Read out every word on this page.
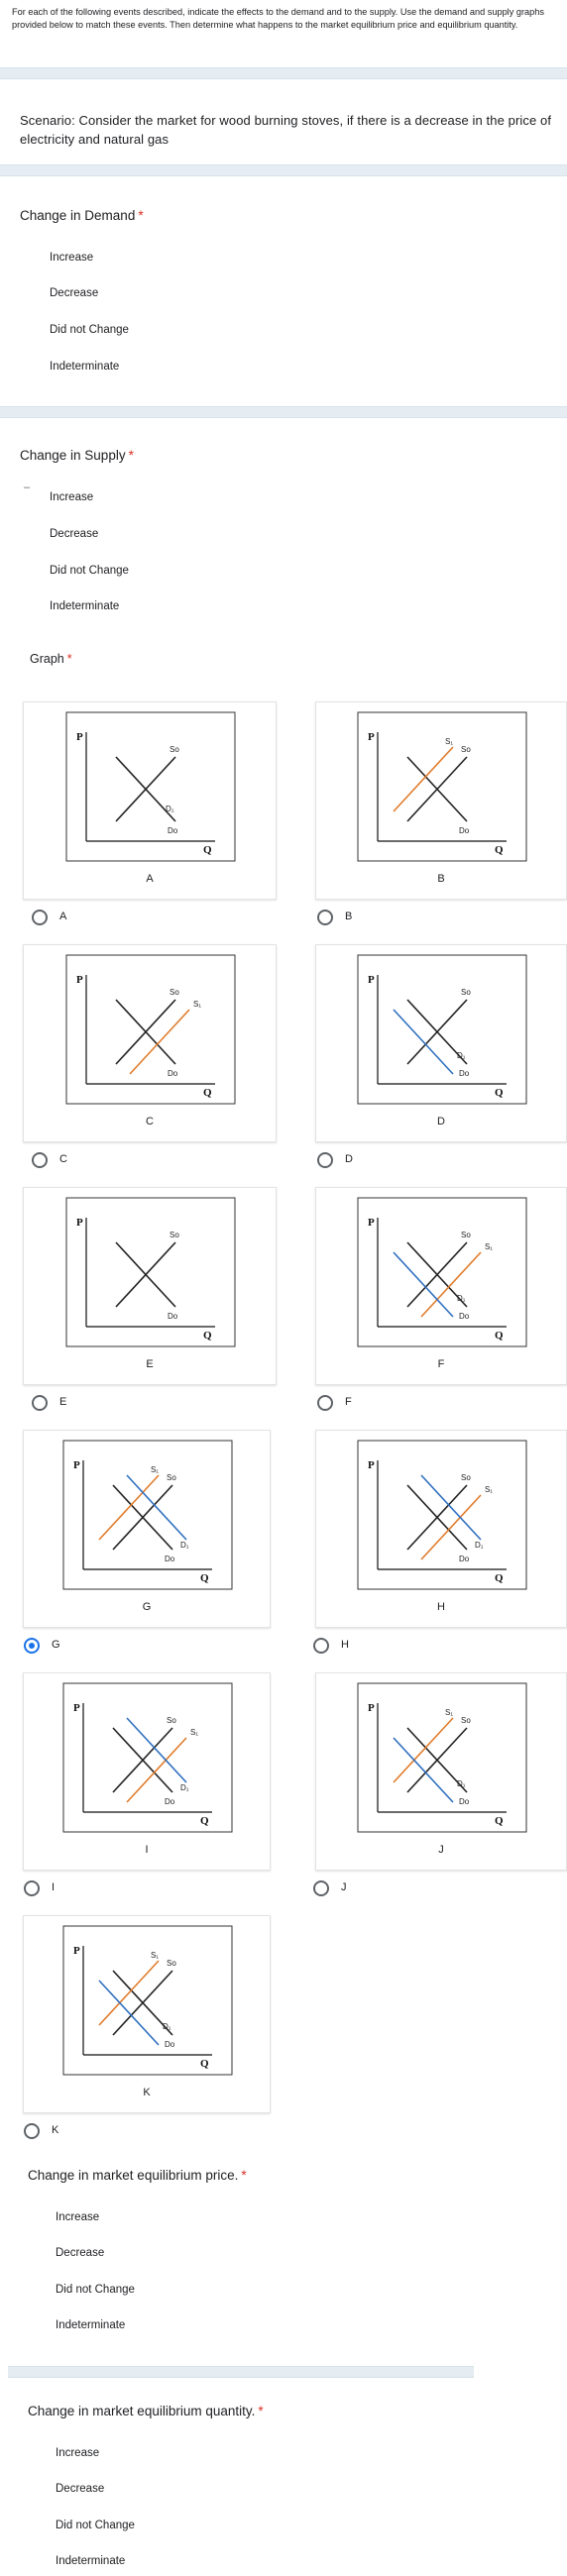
For each of the following events described, indicate the effects to the demand and to the supply. Use the demand and supply graphs provided below to match these events. Then determine what happens to the market equilibrium price and equilibrium quantity.
Scenario: Consider the market for wood burning stoves, if there is a decrease in the price of electricity and natural gas
Change in Demand *
Increase
Decrease
Did not Change
Indeterminate
Change in Supply *
–
Increase
Decrease
Did not Change
Indeterminate
Graph *
P
Q
So
Do
D₁
A
A
P
Q
So
Do
S₁
B
B
P
Q
So
Do
S₁
C
C
P
Q
So
Do
D₁
D
D
P
Q
So
Do
E
E
P
Q
So
Do
S₁
D₁
F
F
P
Q
So
Do
S₁
D₁
G
G
P
Q
So
Do
S₁
D₁
H
H
P
Q
So
Do
S₁
D₁
I
I
P
Q
So
Do
S₁
D₁
J
J
P
Q
So
Do
S₁
D₁
K
K
Change in market equilibrium price. *
Increase
Decrease
Did not Change
Indeterminate
Change in market equilibrium quantity. *
Increase
Decrease
Did not Change
Indeterminate
